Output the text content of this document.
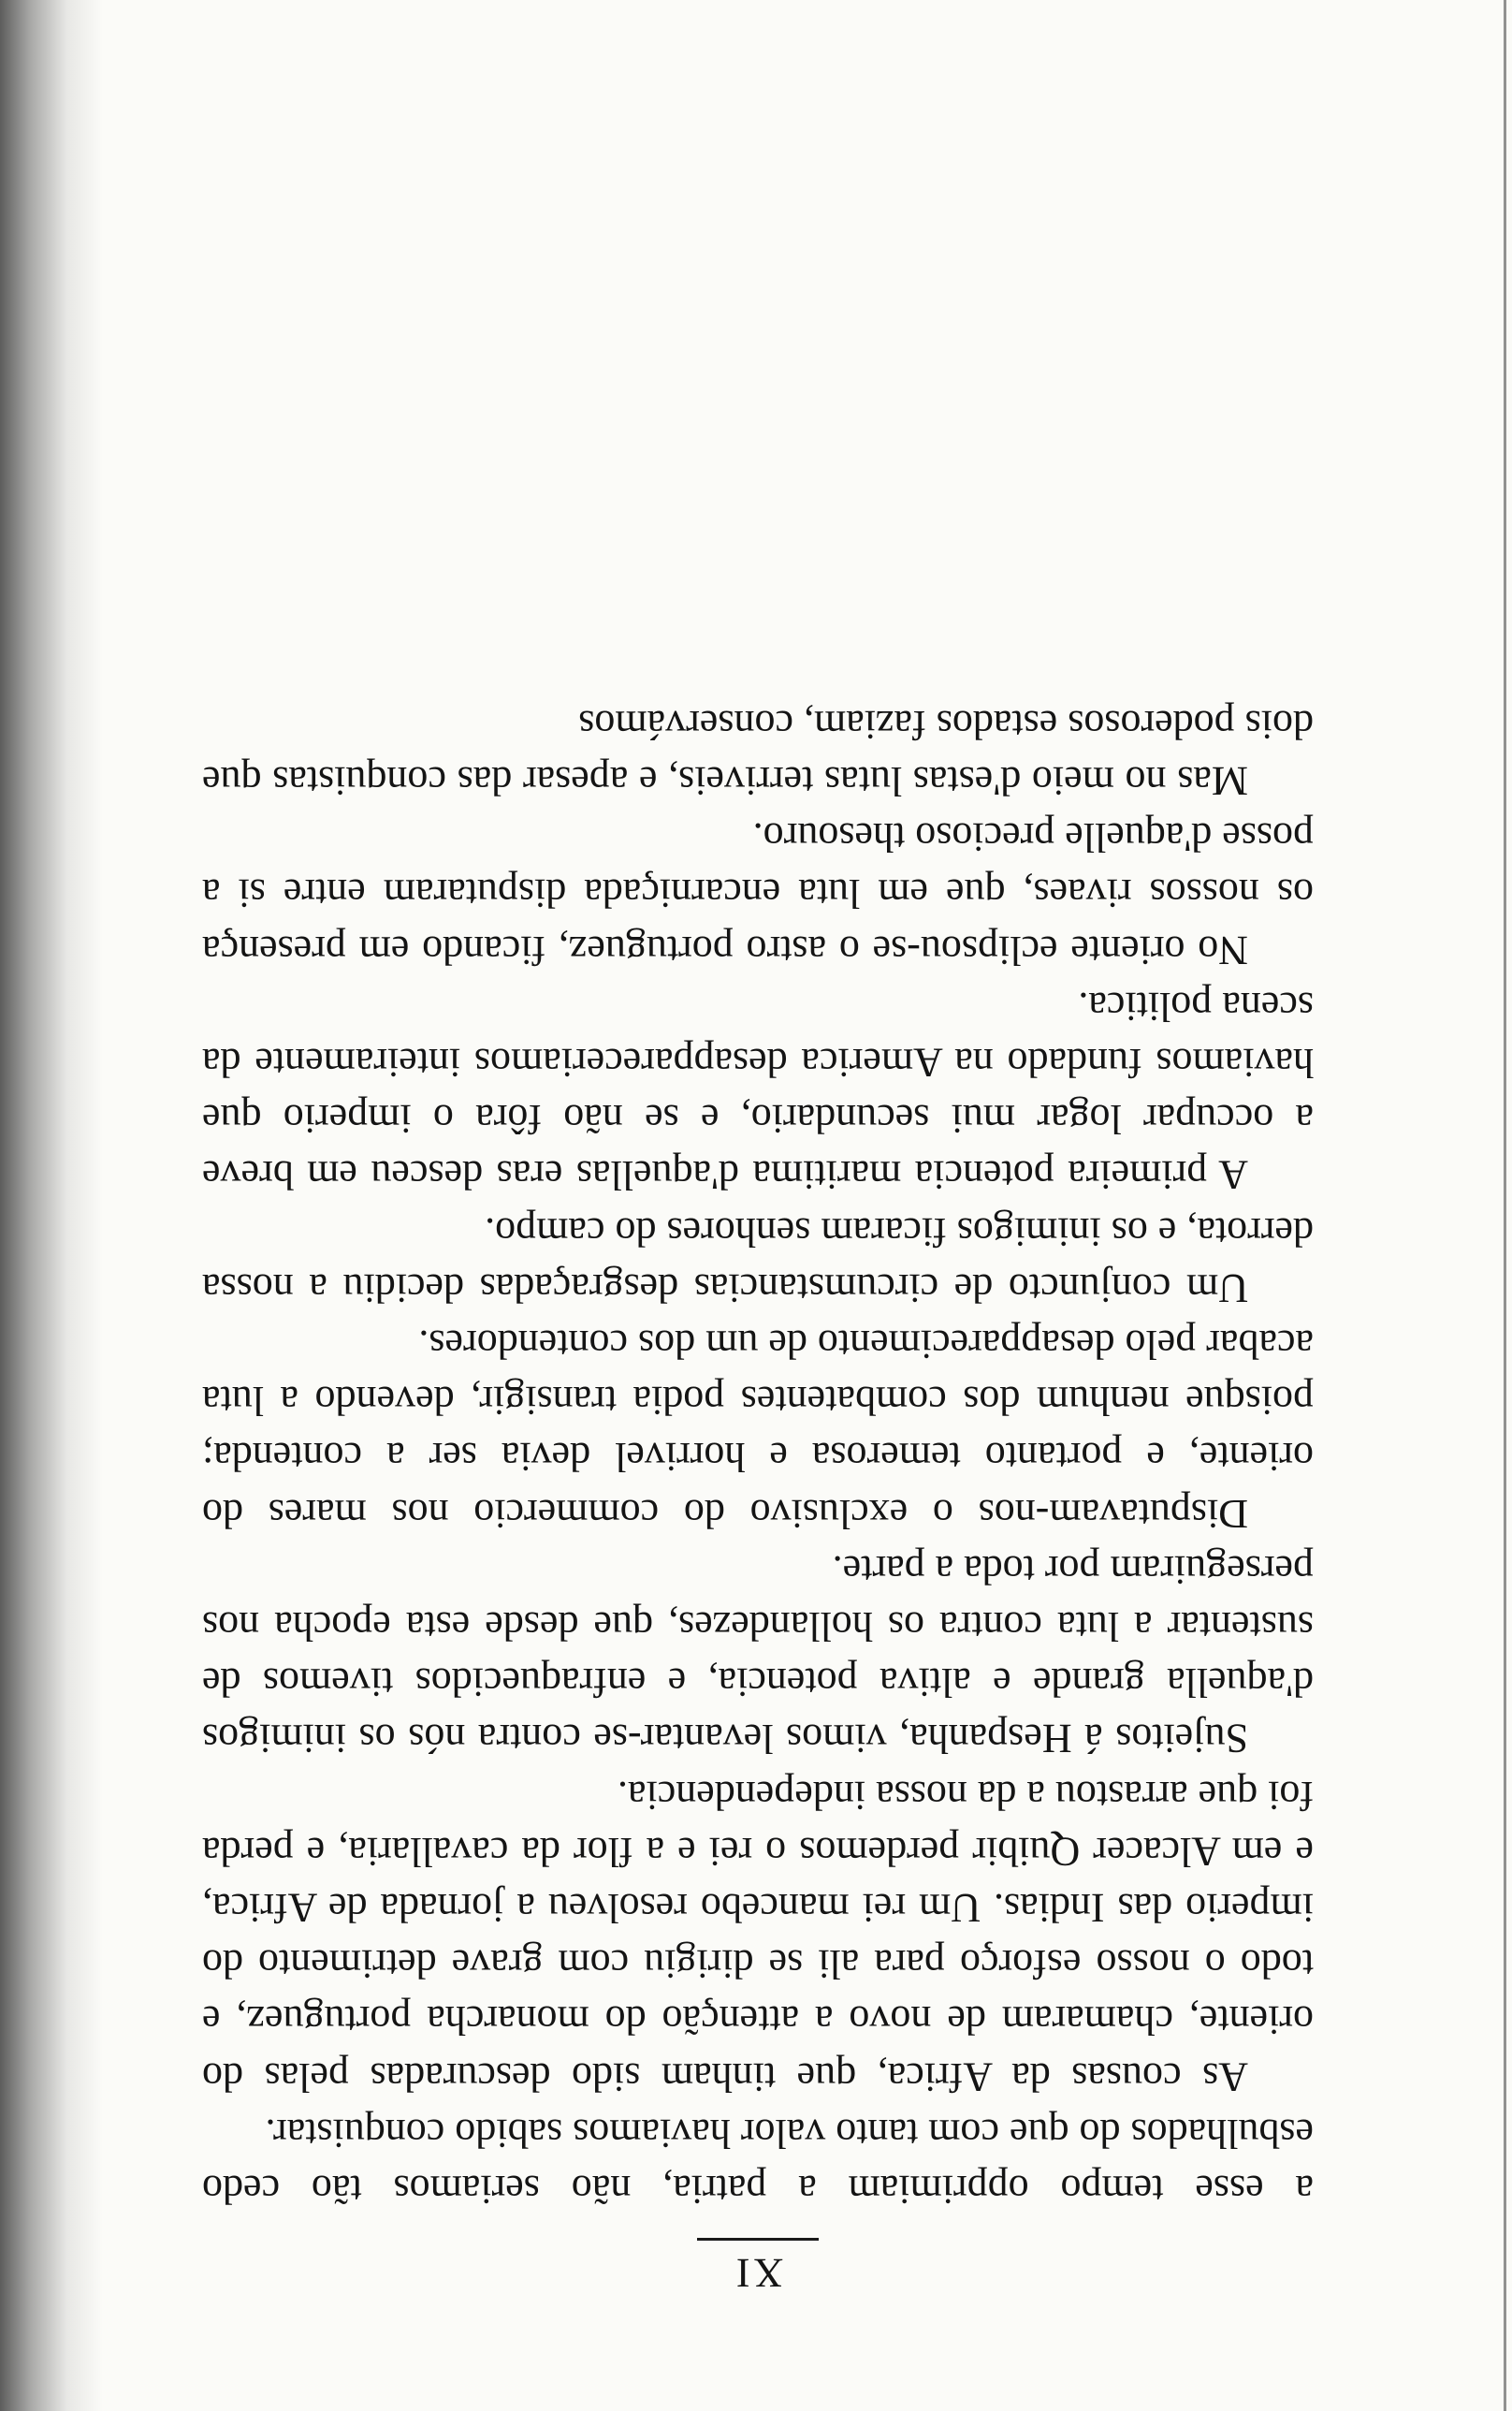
XI

a esse tempo opprimiam a patria, não seriamos tão cedo esbulhados do que com tanto valor haviamos sabido conquistar.

As cousas da Africa, que tinham sido descuradas pelas do oriente, chamaram de novo a attenção do monarcha portuguez, e todo o nosso esforço para ali se dirigiu com grave detrimento do imperio das Indias. Um rei mancebo resolveu a jornada de Africa, e em Alcacer Quibir perdemos o rei e a flor da cavallaria, e perda foi que arrastou a da nossa independencia.

Sujeitos á Hespanha, vimos levantar-se contra nós os inimigos d'aquella grande e altiva potencia, e enfraquecidos tivemos de sustentar a luta contra os hollandezes, que desde esta epocha nos perseguiram por toda a parte.

Disputavam-nos o exclusivo do commercio nos mares do oriente, e portanto temerosa e horrivel devia ser a contenda; poisque nenhum dos combatentes podia transigir, devendo a luta acabar pelo desapparecimento de um dos contendores.

Um conjuncto de circumstancias desgraçadas decidiu a nossa derrota, e os inimigos ficaram senhores do campo.

A primeira potencia maritima d'aquellas eras desceu em breve a occupar logar mui secundario, e se não fôra o imperio que haviamos fundado na America desappareceriamos inteiramente da scena politica.

No oriente eclipsou-se o astro portuguez, ficando em presença os nossos rivaes, que em luta encarniçada disputaram entre si a posse d'aquelle precioso thesouro.

Mas no meio d'estas lutas terriveis, e apesar das conquistas que dois poderosos estados faziam, conservámos
